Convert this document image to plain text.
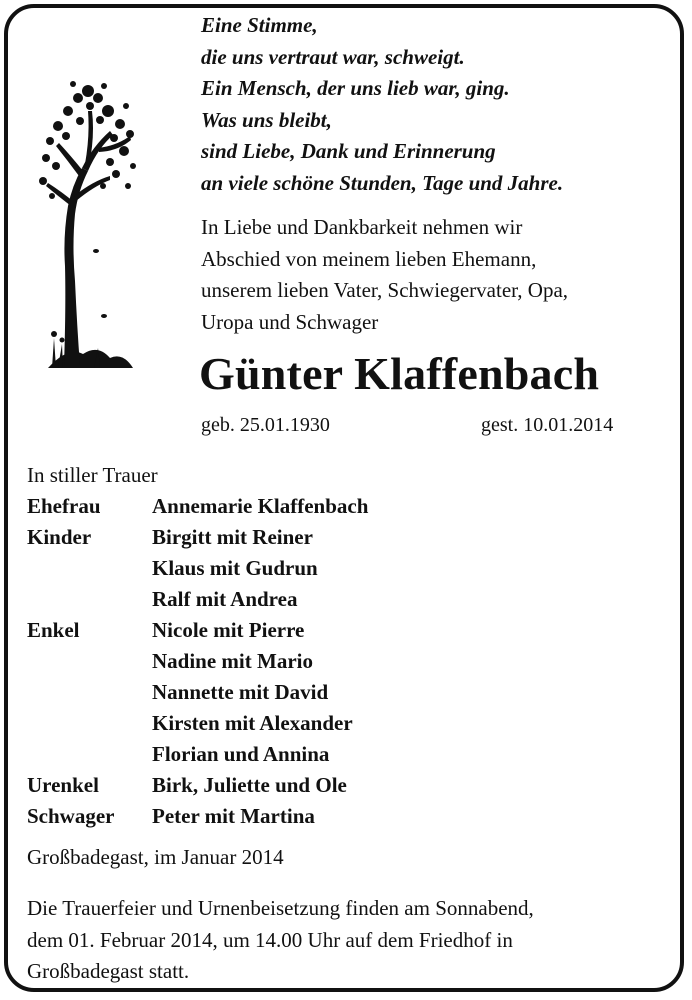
Eine Stimme,
die uns vertraut war, schweigt.
Ein Mensch, der uns lieb war, ging.
Was uns bleibt,
sind Liebe, Dank und Erinnerung
an viele schöne Stunden, Tage und Jahre.
In Liebe und Dankbarkeit nehmen wir
Abschied von meinem lieben Ehemann,
unserem lieben Vater, Schwiegervater, Opa,
Uropa und Schwager
Günter Klaffenbach
geb. 25.01.1930	gest. 10.01.2014
In stiller Trauer
Ehefrau Annemarie Klaffenbach
Kinder	Birgitt mit Reiner
Klaus mit Gudrun
Ralf mit Andrea
Enkel	Nicole mit Pierre
Nadine mit Mario
Nannette mit David
Kirsten mit Alexander
Florian und Annina
Urenkel	Birk, Juliette und Ole
Schwager Peter mit Martina
Großbadegast, im Januar 2014
Die Trauerfeier und Urnenbeisetzung finden am Sonnabend,
dem 01. Februar 2014, um 14.00 Uhr auf dem Friedhof in
Großbadegast statt.
